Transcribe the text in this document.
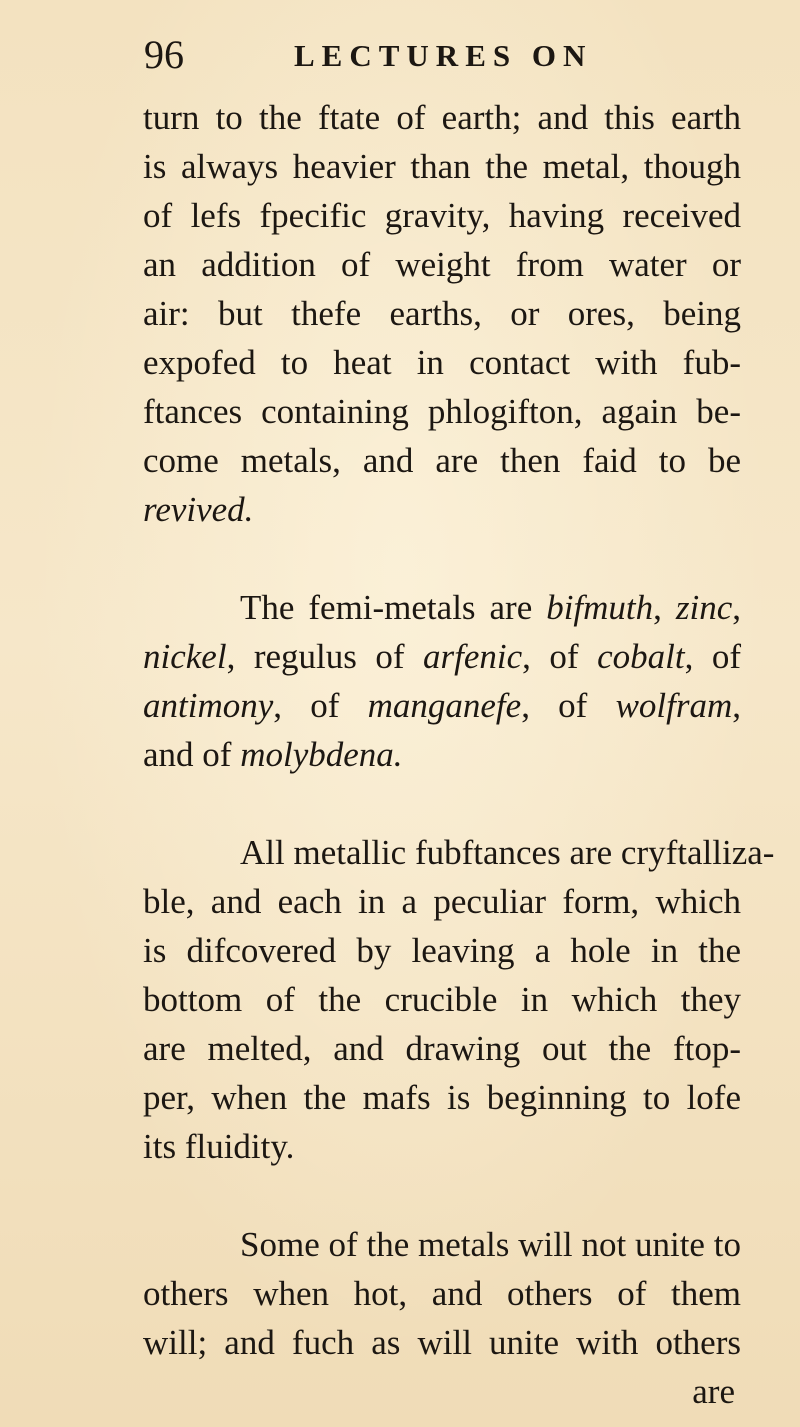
96	LECTURES ON
turn to the ftate of earth; and this earth
is always heavier than the metal, though
of lefs fpecific gravity, having received
an addition of weight from water or
air: but thefe earths, or ores, being
expofed to heat in contact with fub-
ftances containing phlogifton, again be-
come metals, and are then faid to be
revived.
The femi-metals are bifmuth, zinc,
nickel, regulus of arfenic, of cobalt, of
antimony, of manganefe, of wolfram,
and of molybdena.
All metallic fubftances are cryftalliza-
ble, and each in a peculiar form, which
is difcovered by leaving a hole in the
bottom of the crucible in which they
are melted, and drawing out the ftop-
per, when the mafs is beginning to lofe
its fluidity.
Some of the metals will not unite to
others when hot, and others of them
will; and fuch as will unite with others
are
